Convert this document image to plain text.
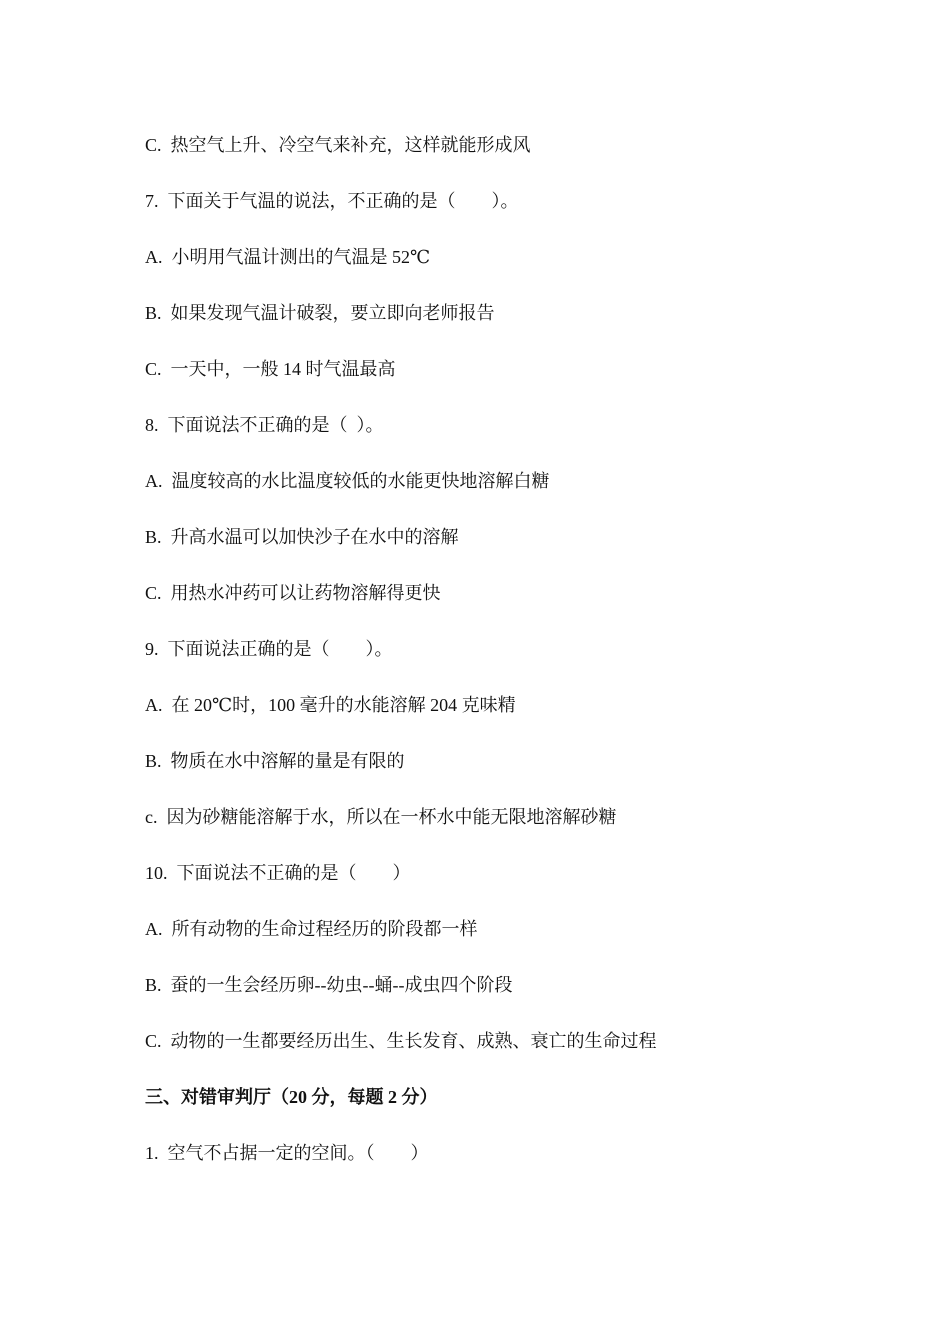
C.  热空气上升、冷空气来补充，这样就能形成风
7.  下面关于气温的说法，不正确的是（        ）。
A.  小明用气温计测出的气温是 52℃
B.  如果发现气温计破裂，要立即向老师报告
C.  一天中，一般 14 时气温最高
8.  下面说法不正确的是（  ）。
A.  温度较高的水比温度较低的水能更快地溶解白糖
B.  升高水温可以加快沙子在水中的溶解
C.  用热水冲药可以让药物溶解得更快
9.  下面说法正确的是（        ）。
A.  在 20℃时，100 毫升的水能溶解 204 克味精
B.  物质在水中溶解的量是有限的
c.  因为砂糖能溶解于水，所以在一杯水中能无限地溶解砂糖
10.  下面说法不正确的是（        ）
A.  所有动物的生命过程经历的阶段都一样
B.  蚕的一生会经历卵--幼虫--蛹--成虫四个阶段
C.  动物的一生都要经历出生、生长发育、成熟、衰亡的生命过程
三、对错审判厅（20 分，每题 2 分）
1.  空气不占据一定的空间。（        ）
